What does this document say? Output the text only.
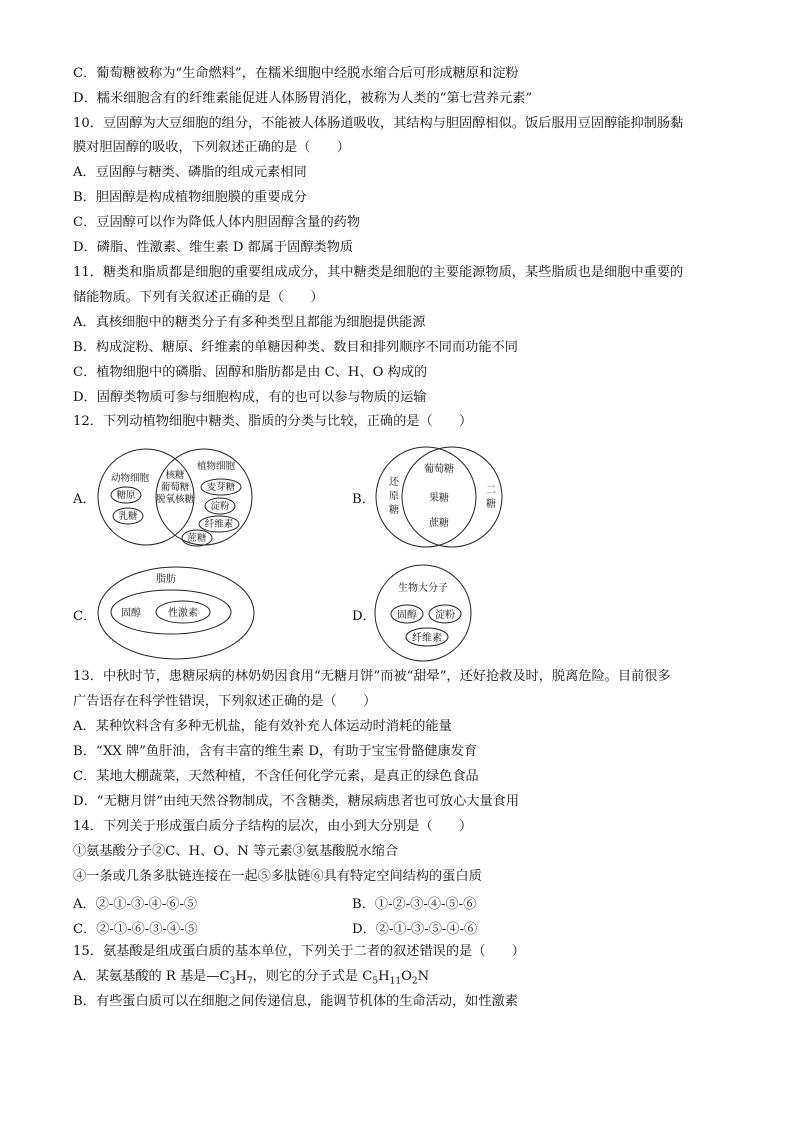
C．葡萄糖被称为“生命燃料”，在糯米细胞中经脱水缩合后可形成糖原和淀粉
D．糯米细胞含有的纤维素能促进人体肠胃消化，被称为人类的“第七营养元素”
10．豆固醇为大豆细胞的组分，不能被人体肠道吸收，其结构与胆固醇相似。饭后服用豆固醇能抑制肠黏
膜对胆固醇的吸收，下列叙述正确的是（　　）
A．豆固醇与糖类、磷脂的组成元素相同
B．胆固醇是构成植物细胞膜的重要成分
C．豆固醇可以作为降低人体内胆固醇含量的药物
D．磷脂、性激素、维生素 D 都属于固醇类物质
11．糖类和脂质都是细胞的重要组成成分，其中糖类是细胞的主要能源物质，某些脂质也是细胞中重要的
储能物质。下列有关叙述正确的是（　　）
A．真核细胞中的糖类分子有多种类型且都能为细胞提供能源
B．构成淀粉、糖原、纤维素的单糖因种类、数目和排列顺序不同而功能不同
C．植物细胞中的磷脂、固醇和脂肪都是由 C、H、O 构成的
D．固醇类物质可参与细胞构成，有的也可以参与物质的运输
12．下列动植物细胞中糖类、脂质的分类与比较，正确的是（　　）
A．	B．
C．	D．
动物细胞
植物细胞
核糖
葡萄糖
脱氧核糖
糖原
乳糖
麦芽糖
淀粉
纤维素
蔗糖
葡萄糖
果糖
蔗糖
还原糖
二糖
脂肪
固醇	性激素
生物大分子
固醇 淀粉
纤维素
13．中秋时节，患糖尿病的林奶奶因食用“无糖月饼”而被“甜晕”，还好抢救及时，脱离危险。目前很多
广告语存在科学性错误，下列叙述正确的是（　　）
A．某种饮料含有多种无机盐，能有效补充人体运动时消耗的能量
B．“XX 牌”鱼肝油，含有丰富的维生素 D，有助于宝宝骨骼健康发育
C．某地大棚蔬菜，天然种植，不含任何化学元素，是真正的绿色食品
D．“无糖月饼”由纯天然谷物制成，不含糖类，糖尿病患者也可放心大量食用
14．下列关于形成蛋白质分子结构的层次，由小到大分别是（　　）
①氨基酸分子②C、H、O、N 等元素③氨基酸脱水缩合
④一条或几条多肽链连接在一起⑤多肽链⑥具有特定空间结构的蛋白质
A．②-①-③-④-⑥-⑤	B．①-②-③-④-⑤-⑥
C．②-①-⑥-③-④-⑤	D．②-①-③-⑤-④-⑥
15．氨基酸是组成蛋白质的基本单位，下列关于二者的叙述错误的是（　　）
A．某氨基酸的 R 基是$—C_3H_7$，则它的分子式是 $C_5H_{11}O_2N$
B．有些蛋白质可以在细胞之间传递信息，能调节机体的生命活动，如性激素
